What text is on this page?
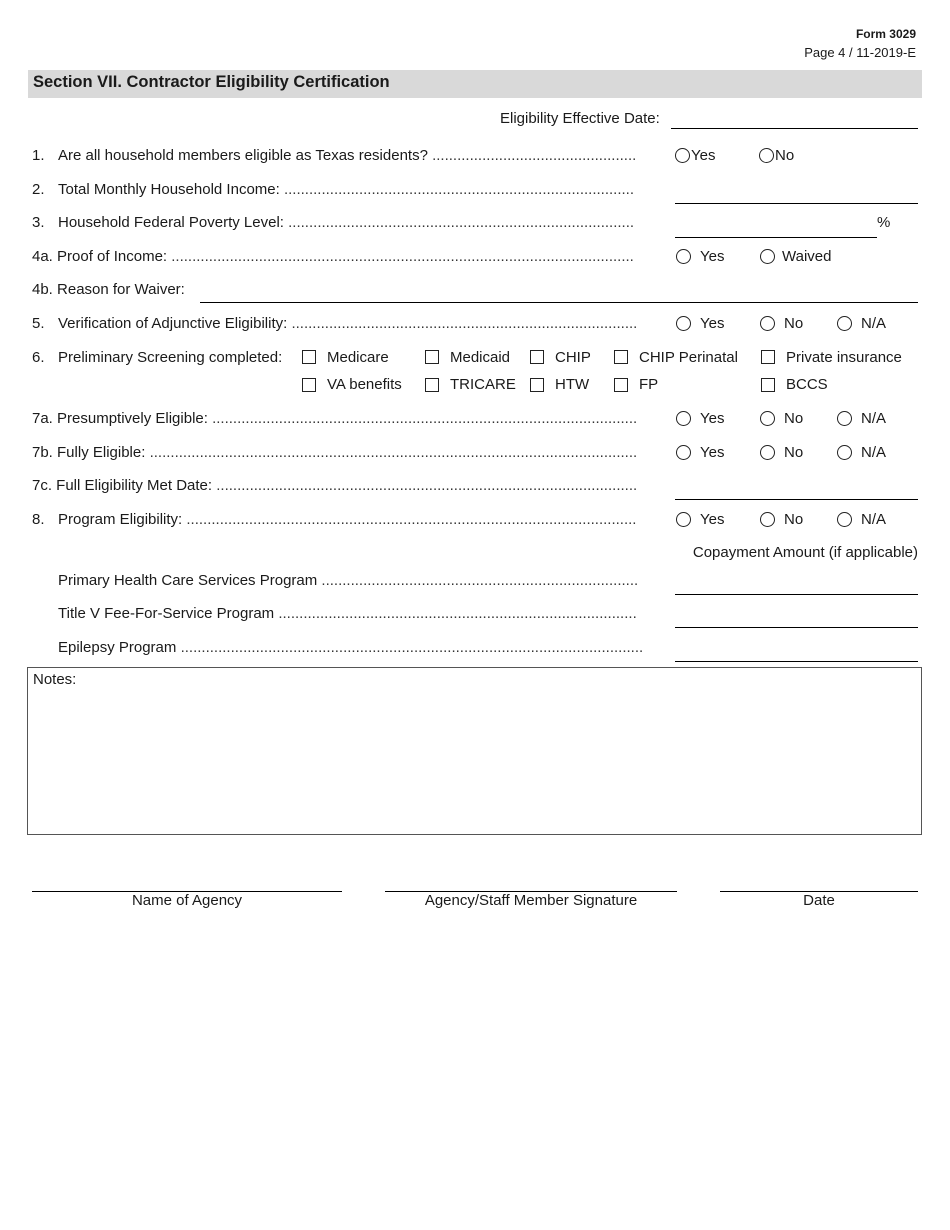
Form 3029
Page 4 / 11-2019-E
Section VII. Contractor Eligibility Certification
Eligibility Effective Date:
1. Are all household members eligible as Texas residents? .................................................	Yes	No
2. Total Monthly Household Income: ....................................................................................
3. Household Federal Poverty Level: ...................................................................................	%
4a. Proof of Income: ...............................................................................................................	Yes	Waived
4b. Reason for Waiver:
5. Verification of Adjunctive Eligibility: ...................................................................................	Yes	No	N/A
6. Preliminary Screening completed:	Medicare	Medicaid	CHIP	CHIP Perinatal	Private insurance
VA benefits	TRICARE	HTW	FP	BCCS
7a. Presumptively Eligible: ......................................................................................................	Yes	No	N/A
7b. Fully Eligible: .....................................................................................................................	Yes	No	N/A
7c. Full Eligibility Met Date: .....................................................................................................
8. Program Eligibility: ............................................................................................................	Yes	No	N/A
Copayment Amount (if applicable)
Primary Health Care Services Program ............................................................................
Title V Fee-For-Service Program ......................................................................................
Epilepsy Program ...............................................................................................................
Notes:
Name of Agency	Agency/Staff Member Signature	Date
